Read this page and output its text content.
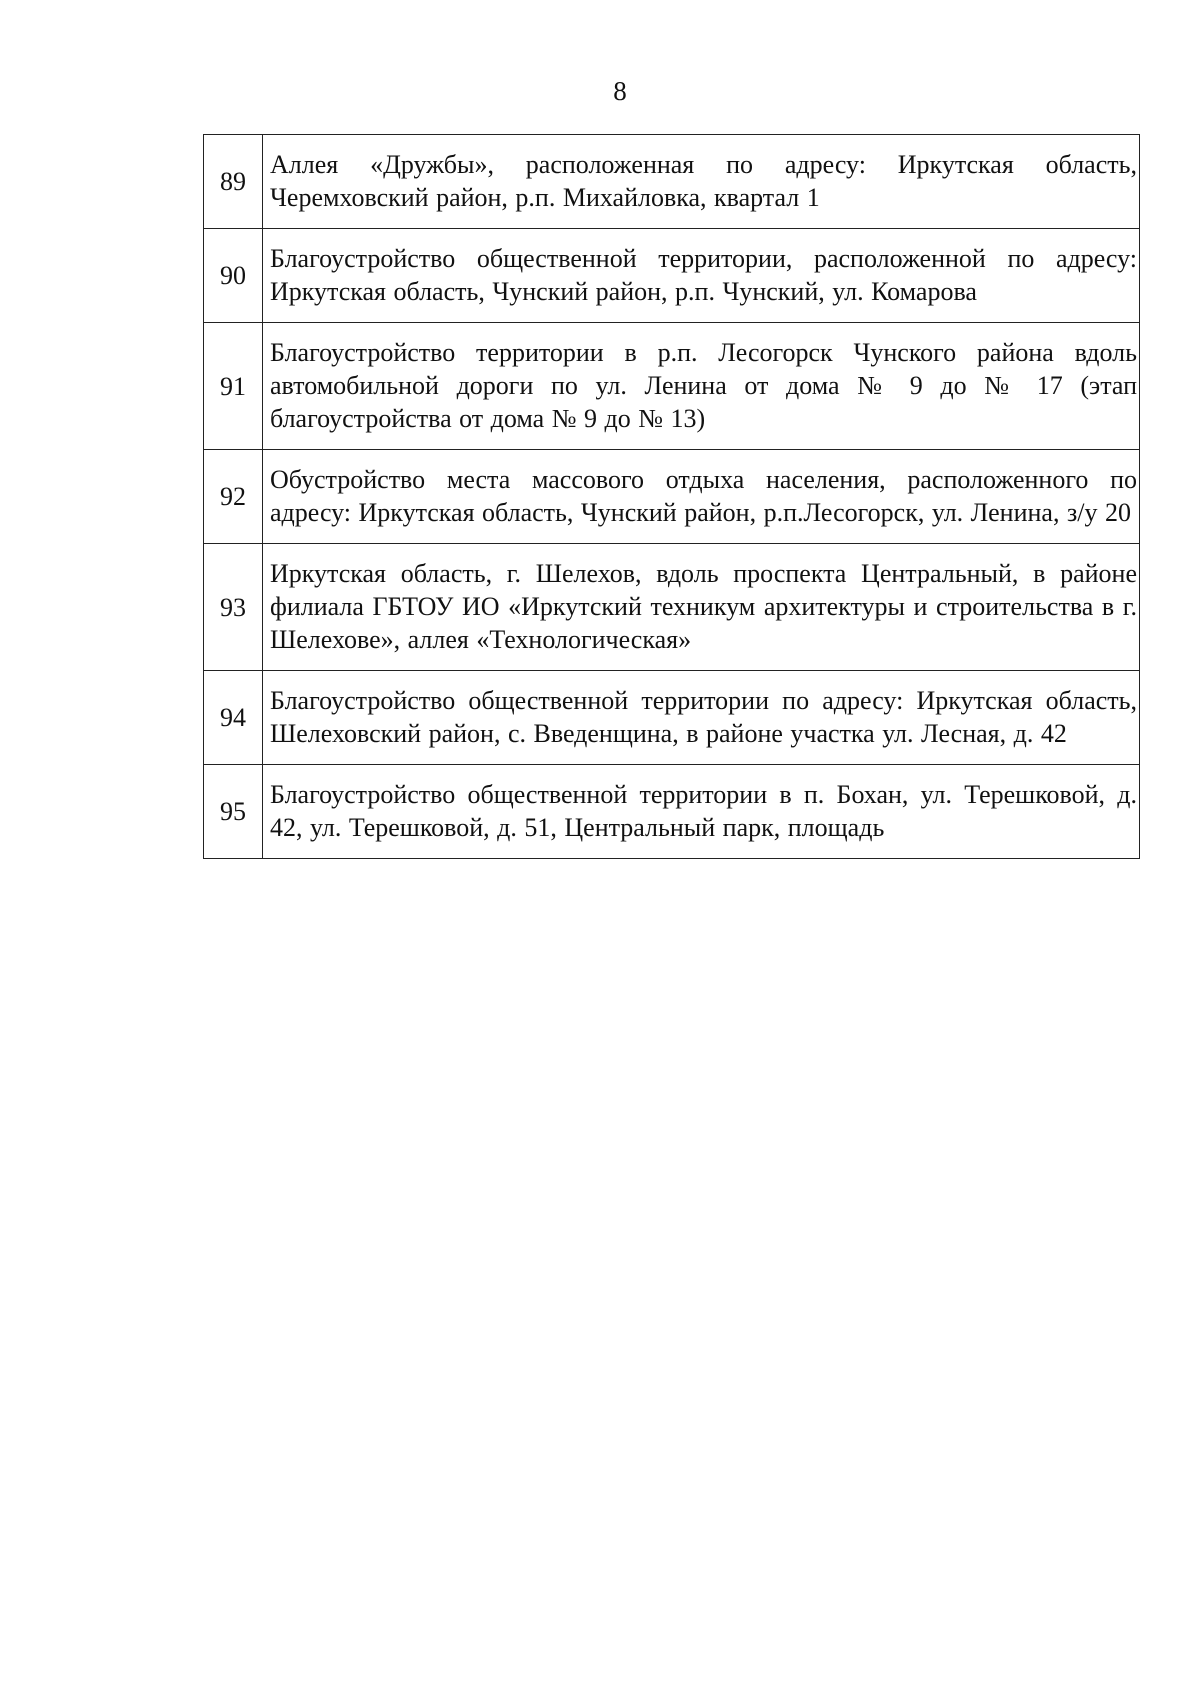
8
89	Аллея «Дружбы», расположенная по адресу: Иркутская область, Черемховский район, р.п. Михайловка, квартал 1
90	Благоустройство общественной территории, расположенной по адресу: Иркутская область, Чунский район, р.п. Чунский, ул. Комарова
91	Благоустройство территории в р.п. Лесогорск Чунского района вдоль автомобильной дороги по ул. Ленина от дома № 9 до № 17 (этап благоустройства от дома № 9 до № 13)
92	Обустройство места массового отдыха населения, расположенного по адресу: Иркутская область, Чунский район, р.п.Лесогорск, ул. Ленина, з/у 20
93	Иркутская область, г. Шелехов, вдоль проспекта Центральный, в районе филиала ГБТОУ ИО «Иркутский техникум архитектуры и строительства в г. Шелехове», аллея «Технологическая»
94	Благоустройство общественной территории по адресу: Иркутская область, Шелеховский район, с. Введенщина, в районе участка ул. Лесная, д. 42
95	Благоустройство общественной территории в п. Бохан, ул. Терешковой, д. 42, ул. Терешковой, д. 51, Центральный парк, площадь
